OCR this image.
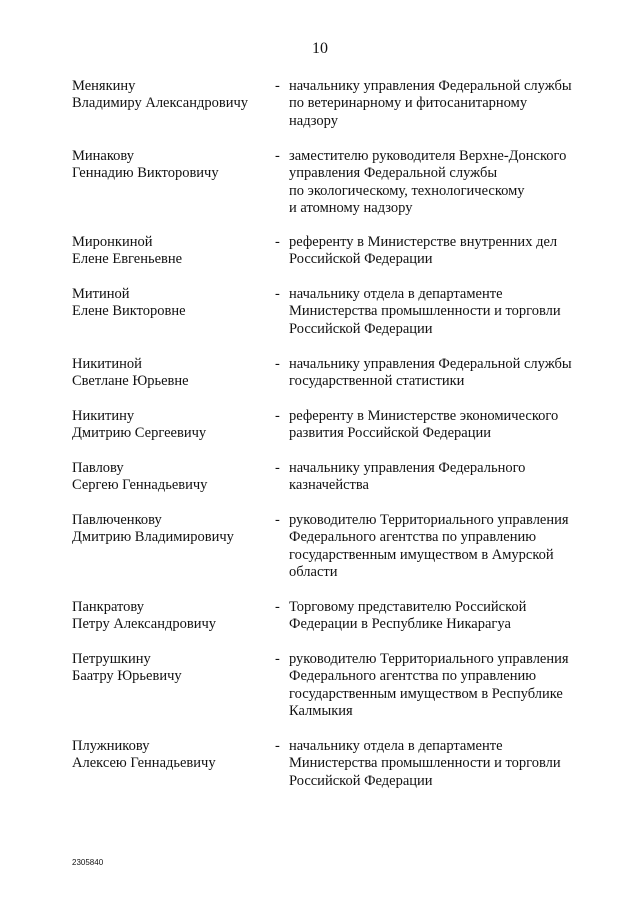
10
Менякину
Владимиру Александровичу
- начальнику управления Федеральной службы
по ветеринарному и фитосанитарному
надзору
Минакову
Геннадию Викторовичу
- заместителю руководителя Верхне-Донского
управления Федеральной службы
по экологическому, технологическому
и атомному надзору
Миронкиной
Елене Евгеньевне
- референту в Министерстве внутренних дел
Российской Федерации
Митиной
Елене Викторовне
- начальнику отдела в департаменте
Министерства промышленности и торговли
Российской Федерации
Никитиной
Светлане Юрьевне
- начальнику управления Федеральной службы
государственной статистики
Никитину
Дмитрию Сергеевичу
- референту в Министерстве экономического
развития Российской Федерации
Павлову
Сергею Геннадьевичу
- начальнику управления Федерального
казначейства
Павлюченкову
Дмитрию Владимировичу
- руководителю Территориального управления
Федерального агентства по управлению
государственным имуществом в Амурской
области
Панкратову
Петру Александровичу
- Торговому представителю Российской
Федерации в Республике Никарагуа
Петрушкину
Баатру Юрьевичу
- руководителю Территориального управления
Федерального агентства по управлению
государственным имуществом в Республике
Калмыкия
Плужникову
Алексею Геннадьевичу
- начальнику отдела в департаменте
Министерства промышленности и торговли
Российской Федерации
2305840
